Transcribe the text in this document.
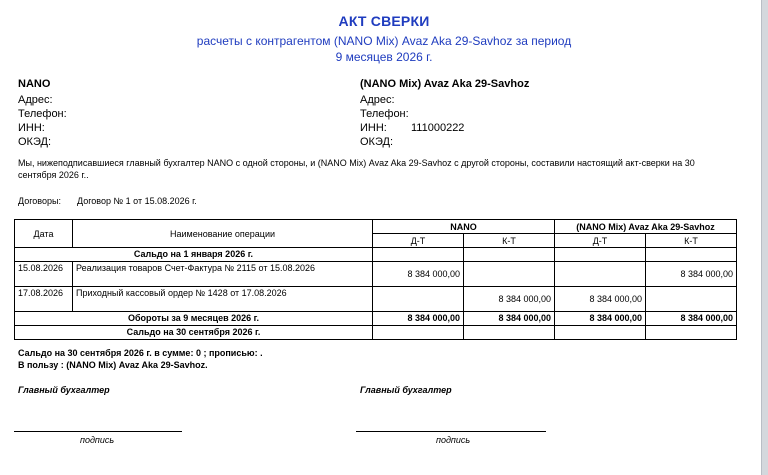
АКТ СВЕРКИ
расчеты с контрагентом (NANO Mix) Avaz Aka 29-Savhoz за период
9 месяцев 2026 г.
NANO
Адрес:
Телефон:
ИНН:
ОКЭД:
(NANO Mix) Avaz Aka 29-Savhoz
Адрес:
Телефон:
ИНН: 111000222
ОКЭД:
Мы, нижеподписавшиеся главный бухгалтер NANO с одной стороны, и (NANO Mix) Avaz Aka 29-Savhoz с другой стороны, составили настоящий акт-сверки на 30
сентября 2026 г..
Договоры: Договор № 1 от 15.08.2026 г.
Дата	Наименование операции	NANO		(NANO Mix) Avaz Aka 29-Savhoz	
		Д-Т	К-Т	Д-Т	К-Т
Сальдо на 1 января 2026 г.					
15.08.2026	Реализация товаров Счет-Фактура № 2115 от 15.08.2026	8 384 000,00			8 384 000,00
17.08.2026	Приходный кассовый ордер № 1428 от 17.08.2026		8 384 000,00	8 384 000,00	
Обороты за 9 месяцев 2026 г.		8 384 000,00	8 384 000,00	8 384 000,00	8 384 000,00
Сальдо на 30 сентября 2026 г.					
Сальдо на 30 сентября 2026 г. в сумме: 0 ; прописью: .
В пользу : (NANO Mix) Avaz Aka 29-Savhoz.
Главный бухгалтер	Главный бухгалтер
подпись	подпись
